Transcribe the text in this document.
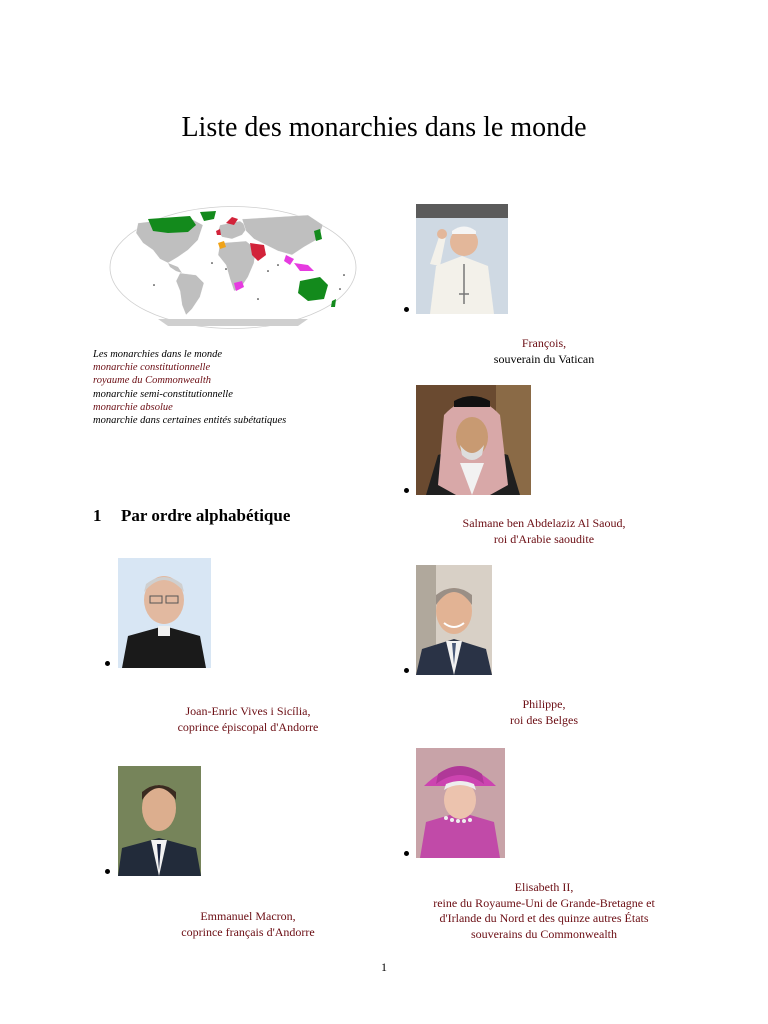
Liste des monarchies dans le monde
Les monarchies dans le monde
monarchie constitutionnelle
royaume du Commonwealth
monarchie semi-constitutionnelle
monarchie absolue
monarchie dans certaines entités subétatiques
1 Par ordre alphabétique
François,
souverain du Vatican
Salmane ben Abdelaziz Al Saoud,
roi d'Arabie saoudite
Joan-Enric Vives i Sicília,
coprince épiscopal d'Andorre
Philippe,
roi des Belges
Emmanuel Macron,
coprince français d'Andorre
Elisabeth II,
reine du Royaume-Uni de Grande-Bretagne et
d'Irlande du Nord et des quinze autres États
souverains du Commonwealth
1
